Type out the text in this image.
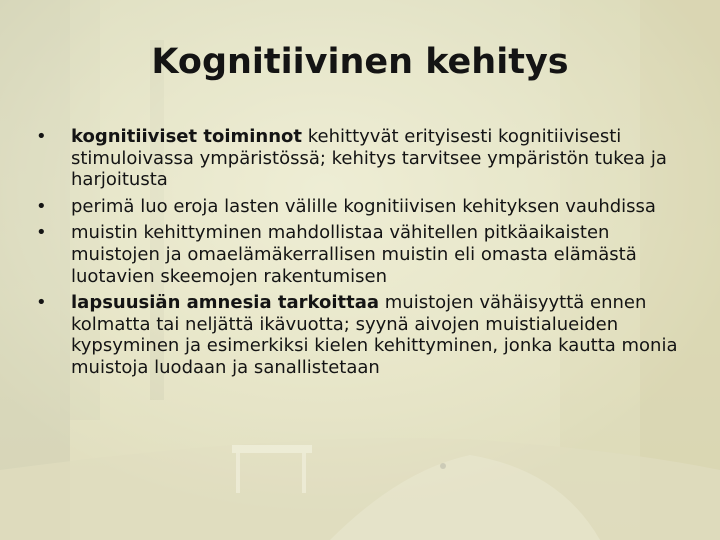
Kognitiivinen kehitys
•	kognitiiviset toiminnot kehittyvät erityisesti kognitiivisesti stimuloivassa ympäristössä; kehitys tarvitsee ympäristön tukea ja harjoitusta
•	perimä luo eroja lasten välille kognitiivisen kehityksen vauhdissa
•	muistin kehittyminen mahdollistaa vähitellen pitkäaikaisten muistojen ja omaelämäkerrallisen muistin eli omasta elämästä luotavien skeemojen rakentumisen
•	lapsuusiän amnesia tarkoittaa muistojen vähäisyyttä ennen kolmatta tai neljättä ikävuotta; syynä aivojen muistialueiden kypsyminen ja esimerkiksi kielen kehittyminen, jonka kautta monia muistoja luodaan ja sanallistetaan
